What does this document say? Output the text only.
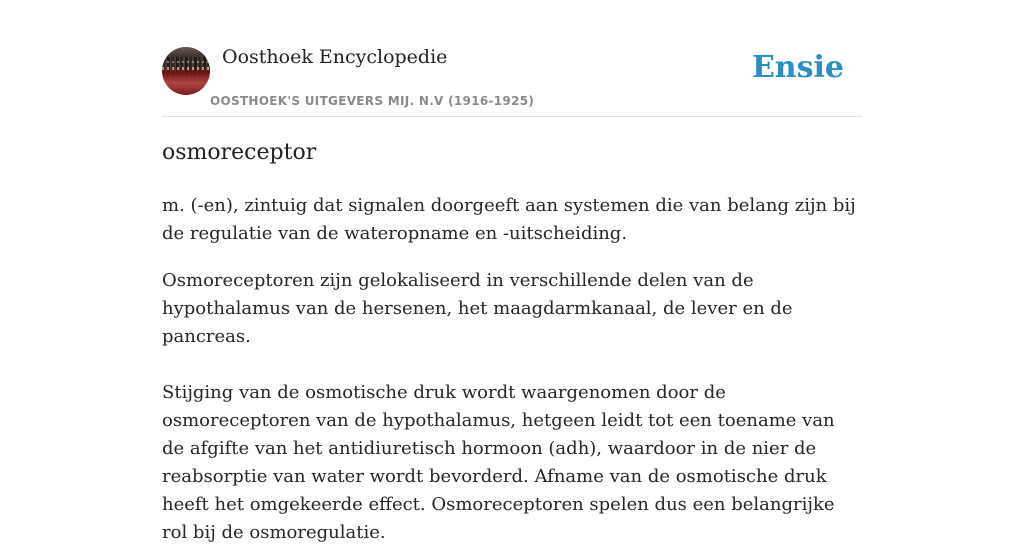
Oosthoek Encyclopedie
OOSTHOEK'S UITGEVERS MIJ. N.V (1916-1925)
Ensie
osmoreceptor

m. (-en), zintuig dat signalen doorgeeft aan systemen die van belang zijn bij de regulatie van de wateropname en -uitscheiding.

Osmoreceptoren zijn gelokaliseerd in verschillende delen van de hypothalamus van de hersenen, het maagdarmkanaal, de lever en de pancreas.

Stijging van de osmotische druk wordt waargenomen door de osmoreceptoren van de hypothalamus, hetgeen leidt tot een toename van de afgifte van het antidiuretisch hormoon (adh), waardoor in de nier de reabsorptie van water wordt bevorderd. Afname van de osmotische druk heeft het omgekeerde effect. Osmoreceptoren spelen dus een belangrijke rol bij de osmoregulatie.
